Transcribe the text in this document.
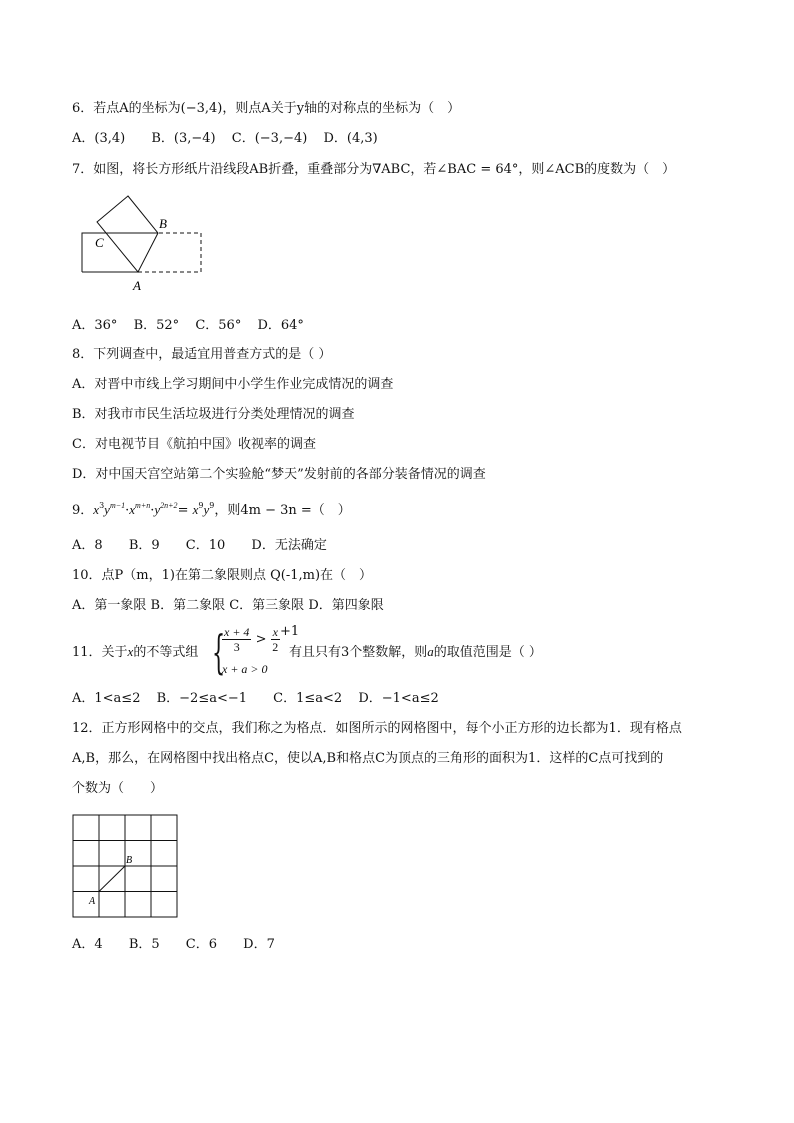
6．若点A的坐标为(−3,4)，则点A关于y轴的对称点的坐标为（　）
A．(3,4) B．(3,−4) C．(−3,−4) D．(4,3)
7．如图，将长方形纸片沿线段AB折叠，重叠部分为∇ABC，若∠BAC = 64°，则∠ACB的度数为（　）
B
C
A
A．36° B．52° C．56° D．64°
8．下列调查中，最适宜用普查方式的是（ ）
A．对晋中市线上学习期间中小学生作业完成情况的调查
B．对我市市民生活垃圾进行分类处理情况的调查
C．对电视节目《航拍中国》收视率的调查
D．对中国天宫空站第二个实验舱“梦天”发射前的各部分装备情况的调查
9．$x^3y^{m-1}\cdot x^{m+n}\cdot y^{2n+2}= x^9y^9$，则4m − 3n =（　）
A．8 B．9 C．10 D．无法确定
10．点P（m，1)在第二象限则点 Q(-1,m)在（　）
A．第一象限 B．第二象限 C．第三象限 D．第四象限
11．关于x的不等式组 {
$\frac{x + 4}{3} > \frac{x}{2} +1$
x + a > 0
有且只有3个整数解，则a的取值范围是（ ）
A．1<a≤2 B．−2≤a<−1 C．1≤a<2 D．−1<a≤2
12．正方形网格中的交点，我们称之为格点．如图所示的网格图中，每个小正方形的边长都为1．现有格点
A,B，那么，在网格图中找出格点C，使以A,B和格点C为顶点的三角形的面积为1．这样的C点可找到的
个数为（　　）
A
B
A．4 B．5 C．6 D．7
